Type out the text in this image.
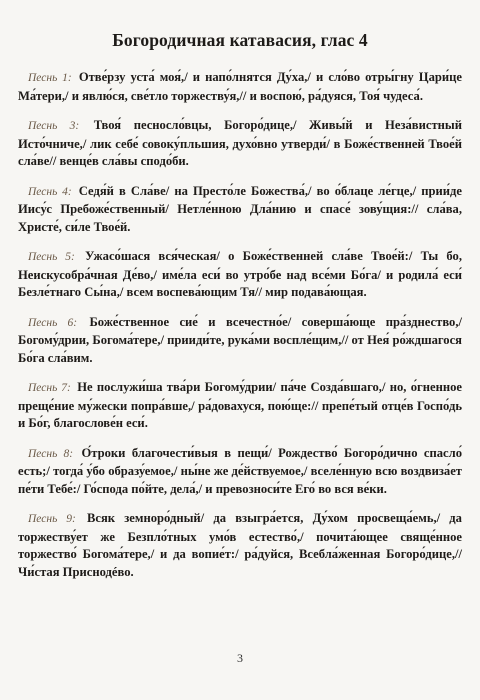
Богородичная катавасия, глас 4

Песнь 1: Отве́рзу уста́ моя́,/ и напо́лнятся Ду́ха,/ и сло́во отры́гну Цари́це Ма́тери,/ и явлю́ся, све́тло торжеству́я,// и воспою́, ра́дуяся, Тоя́ чудеса́.

Песнь 3: Твоя́ песносло́вцы, Богоро́дице,/ Живы́й и Неза́вистный Исто́чниче,/ лик себе́ совоку́пльшия, духо́вно утверди́/ в Боже́ственней Твое́й сла́ве// венце́в сла́вы сподо́би.

Песнь 4: Седя́й в Сла́ве/ на Престо́ле Божества́,/ во о́блаце ле́гце,/ прии́де Иису́с Пребоже́ственный/ Нетле́нною Дла́нию и спасе́ зову́щия:// сла́ва, Христе́, си́ле Твое́й.

Песнь 5: Ужасо́шася вся́ческая/ о Боже́ственней сла́ве Твое́й:/ Ты бо, Неискусобра́чная Де́во,/ име́ла еси́ во утро́бе над все́ми Бо́га/ и родила́ еси́ Безле́тнаго Сы́на,/ всем воспева́ющим Тя// мир подава́ющая.

Песнь 6: Боже́ственное сие́ и всечестно́е/ соверша́юще пра́зднество,/ Богому́дрии, Богома́тере,/ прииди́те, рука́ми воспле́щим,// от Нея́ ро́ждшагося Бо́га сла́вим.

Песнь 7: Не послужи́ша тва́ри Богому́дрии/ па́че Созда́вшаго,/ но, о́гненное преще́ние му́жески попра́вше,/ ра́довахуся, пою́ще:// препе́тый отце́в Госпо́дь и Бо́г, благослове́н еси́.

Песнь 8: О́троки благочести́выя в пещи́/ Рождество́ Богоро́дично спасло́ есть;/ тогда́ у́бо образу́емое,/ ны́не же де́йствуемое,/ вселе́нную всю воздвиза́ет пе́ти Тебе́:/ Го́спода по́йте, дела́,/ и превозноси́те Его́ во вся ве́ки.

Песнь 9: Всяк земноро́дный/ да взыгра́ется, Ду́хом просвеща́емь,/ да торжеству́ет же Безпло́тных умо́в естество́,/ почита́ющее свяще́нное торжество́ Богома́тере,/ и да вопие́т:/ ра́дуйся, Всебла́женная Богоро́дице,// Чи́стая Приснодéво.

3
